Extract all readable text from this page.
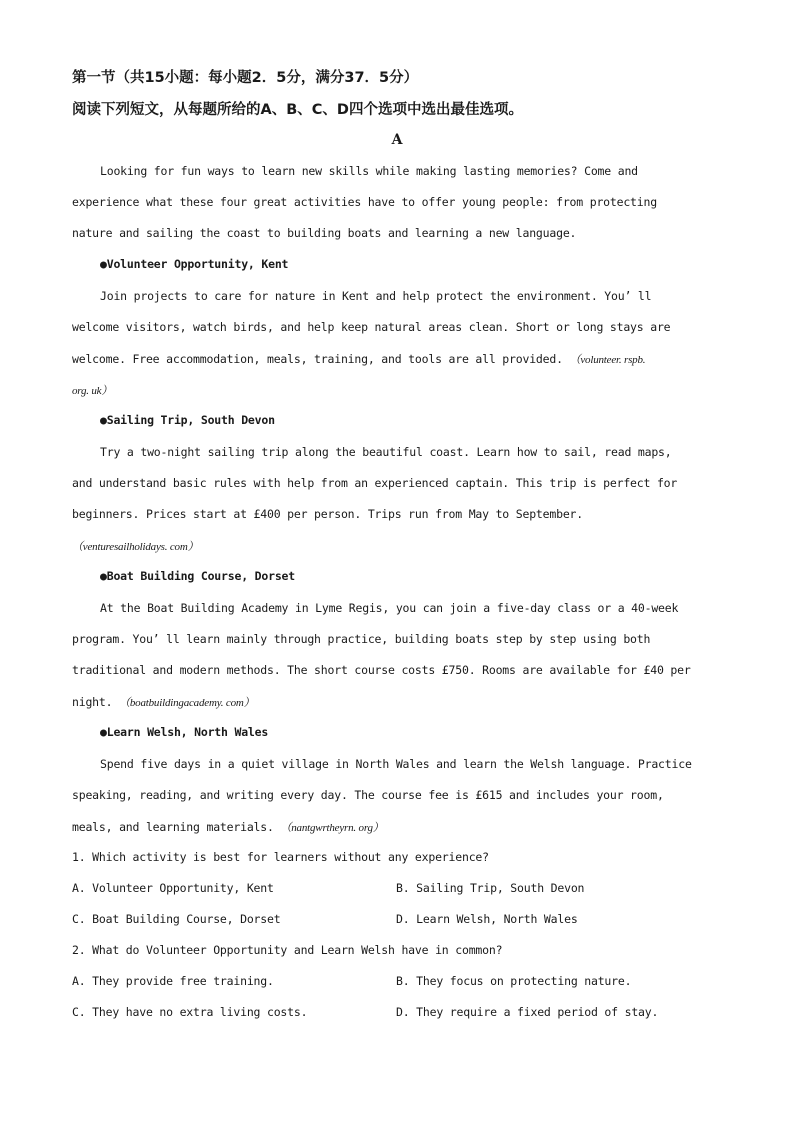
第一节（共15小题：每小题2．5分，满分37．5分）
阅读下列短文，从每题所给的A、B、C、D四个选项中选出最佳选项。
A
Looking for fun ways to learn new skills while making lasting memories? Come and
experience what these four great activities have to offer young people: from protecting
nature and sailing the coast to building boats and learning a new language.
●Volunteer Opportunity, Kent
Join projects to care for nature in Kent and help protect the environment. You’ ll
welcome visitors, watch birds, and help keep natural areas clean. Short or long stays are
welcome. Free accommodation, meals, training, and tools are all provided. （volunteer. rspb.
org. uk）
●Sailing Trip, South Devon
Try a two-night sailing trip along the beautiful coast. Learn how to sail, read maps,
and understand basic rules with help from an experienced captain. This trip is perfect for
beginners. Prices start at £400 per person. Trips run from May to September.
（venturesailholidays. com）
●Boat Building Course, Dorset
At the Boat Building Academy in Lyme Regis, you can join a five-day class or a 40-week
program. You’ ll learn mainly through practice, building boats step by step using both
traditional and modern methods. The short course costs £750. Rooms are available for £40 per
night. （boatbuildingacademy. com）
●Learn Welsh, North Wales
Spend five days in a quiet village in North Wales and learn the Welsh language. Practice
speaking, reading, and writing every day. The course fee is £615 and includes your room,
meals, and learning materials. （nantgwrtheyrn. org）
1. Which activity is best for learners without any experience?
A. Volunteer Opportunity, Kent	B. Sailing Trip, South Devon
C. Boat Building Course, Dorset	D. Learn Welsh, North Wales
2. What do Volunteer Opportunity and Learn Welsh have in common?
A. They provide free training.	B. They focus on protecting nature.
C. They have no extra living costs.	D. They require a fixed period of stay.
